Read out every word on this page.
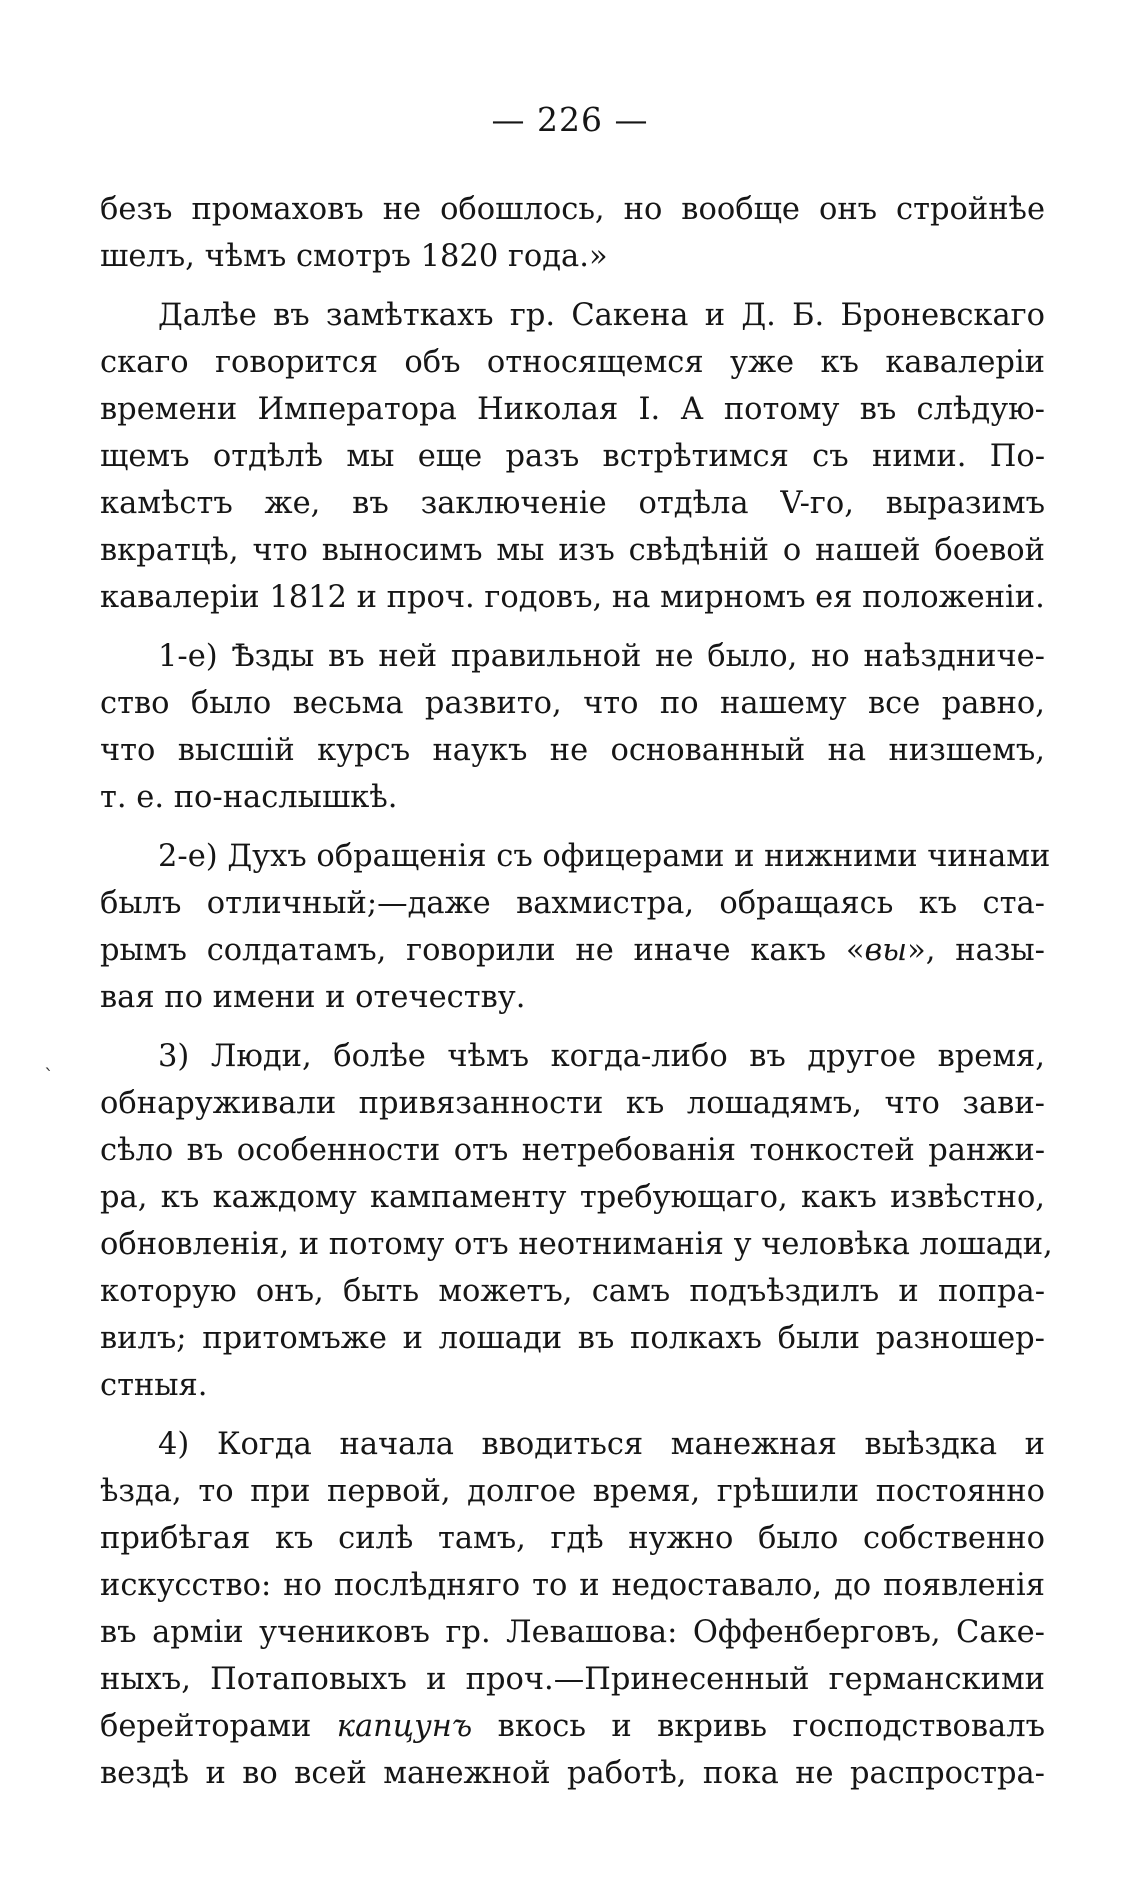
— 226 —
ˋ
безъ промаховъ не обошлось, но вообще онъ стройнѣе
шелъ, чѣмъ смотръ 1820 года.»
Далѣе въ замѣткахъ гр. Сакена и Д. Б. Броневскаго
скаго говорится объ относящемся уже къ кавалеріи
времени Императора Николая I. А потому въ слѣдую-
щемъ отдѣлѣ мы еще разъ встрѣтимся съ ними. По-
камѣстъ же, въ заключеніе отдѣла V-го, выразимъ
вкратцѣ, что выносимъ мы изъ свѣдѣній о нашей боевой
кавалеріи 1812 и проч. годовъ, на мирномъ ея положеніи.
1-е) Ѣзды въ ней правильной не было, но наѣздниче-
ство было весьма развито, что по нашему все равно,
что высшій курсъ наукъ не основанный на низшемъ,
т. е. по-наслышкѣ.
2-е) Духъ обращенія съ офицерами и нижними чинами
былъ отличный;—даже вахмистра, обращаясь къ ста-
рымъ солдатамъ, говорили не иначе какъ «вы», назы-
вая по имени и отечеству.
3) Люди, болѣе чѣмъ когда-либо въ другое время,
обнаруживали привязанности къ лошадямъ, что зави-
сѣло въ особенности отъ нетребованія тонкостей ранжи-
ра, къ каждому кампаменту требующаго, какъ извѣстно,
обновленія, и потому отъ неотниманія у человѣка лошади,
которую онъ, быть можетъ, самъ подъѣздилъ и попра-
вилъ; притомъже и лошади въ полкахъ были разношер-
стныя.
4) Когда начала вводиться манежная выѣздка и
ѣзда, то при первой, долгое время, грѣшили постоянно
прибѣгая къ силѣ тамъ, гдѣ нужно было собственно
искусство: но послѣдняго то и недоставало, до появленія
въ арміи учениковъ гр. Левашова: Оффенберговъ, Саке-
ныхъ, Потаповыхъ и проч.—Принесенный германскими
берейторами капцунъ вкось и вкривь господствовалъ
вездѣ и во всей манежной работѣ, пока не распростра-
